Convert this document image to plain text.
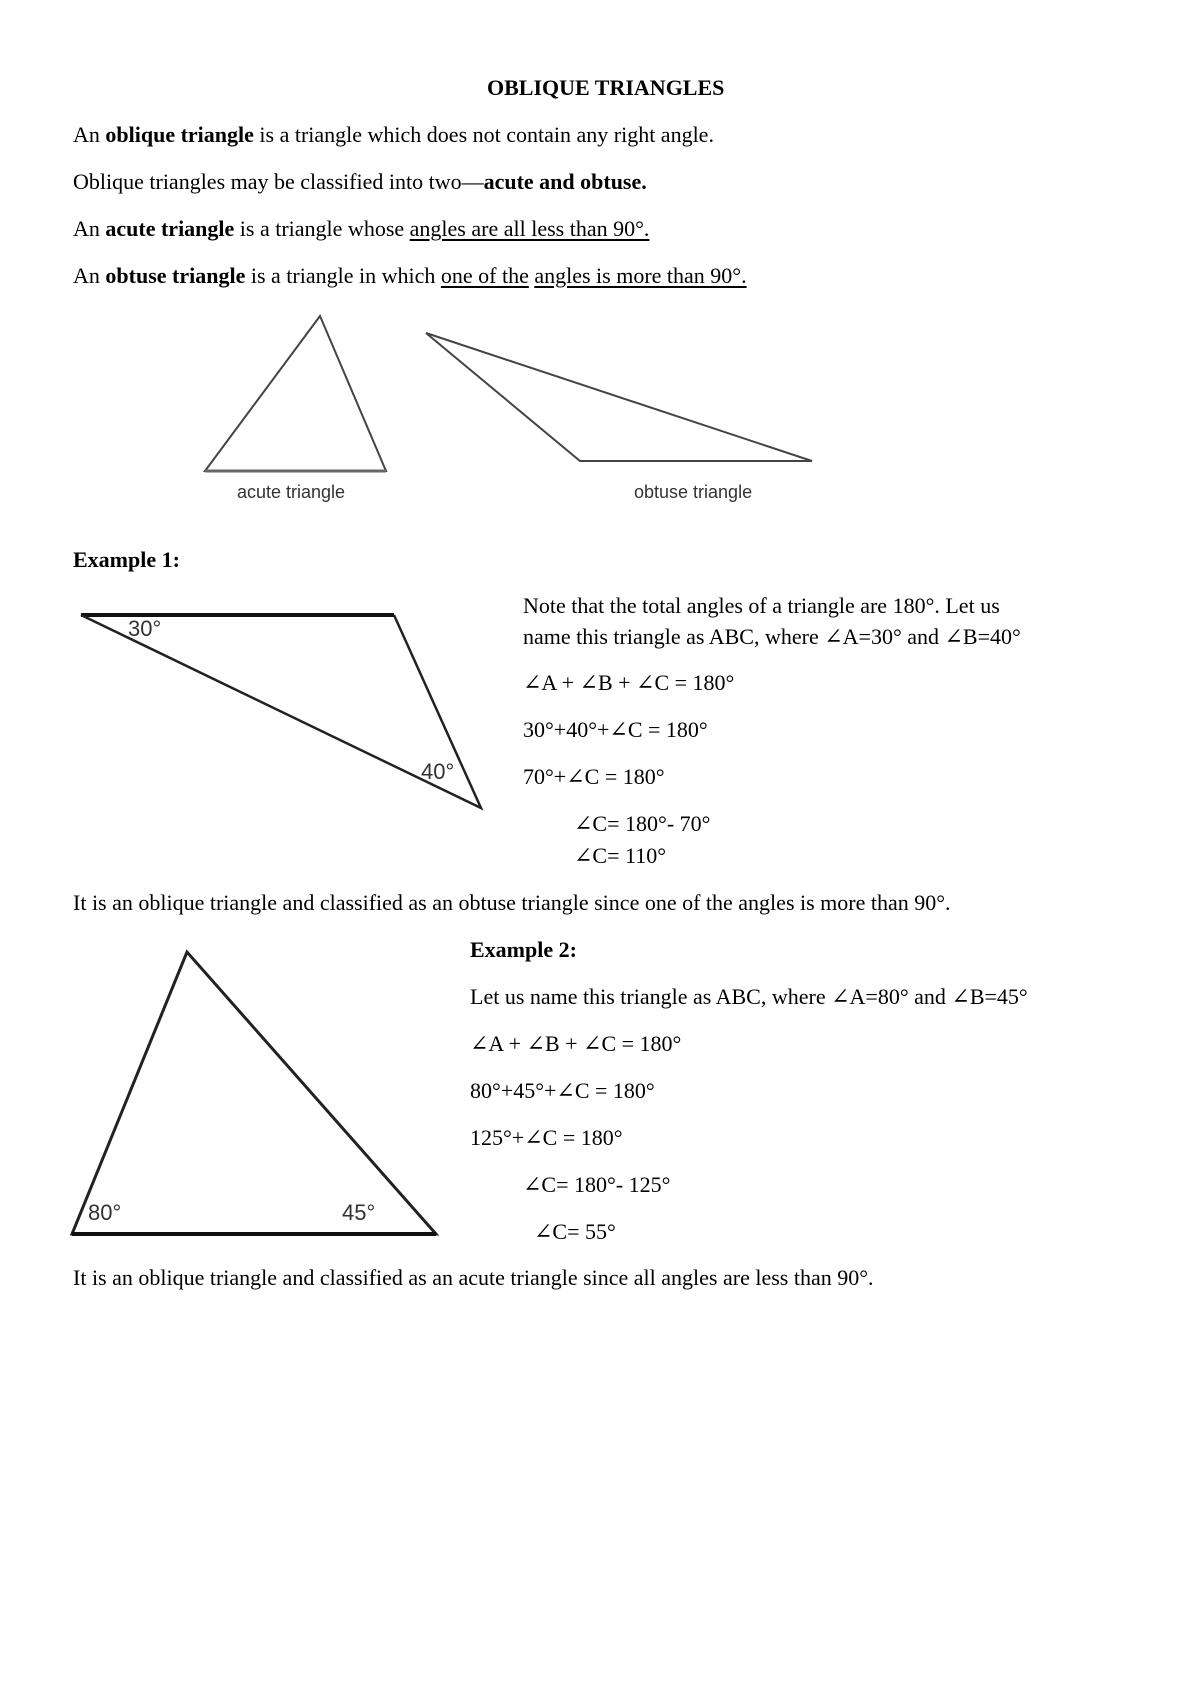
OBLIQUE TRIANGLES
An oblique triangle is a triangle which does not contain any right angle.
Oblique triangles may be classified into two—acute and obtuse.
An acute triangle is a triangle whose angles are all less than 90°.
An obtuse triangle is a triangle in which one of the angles is more than 90°.
acute triangle	obtuse triangle
Example 1:
30°
40°
Note that the total angles of a triangle are 180°. Let us
name this triangle as ABC, where ∠A=30° and ∠B=40°
∠A + ∠B + ∠C = 180°
30°+40°+∠C = 180°
70°+∠C = 180°
∠C= 180°- 70°
∠C= 110°
It is an oblique triangle and classified as an obtuse triangle since one of the angles is more than 90°.
80°	45°
Example 2:
Let us name this triangle as ABC, where ∠A=80° and ∠B=45°
∠A + ∠B + ∠C = 180°
80°+45°+∠C = 180°
125°+∠C = 180°
∠C= 180°- 125°
∠C= 55°
It is an oblique triangle and classified as an acute triangle since all angles are less than 90°.
